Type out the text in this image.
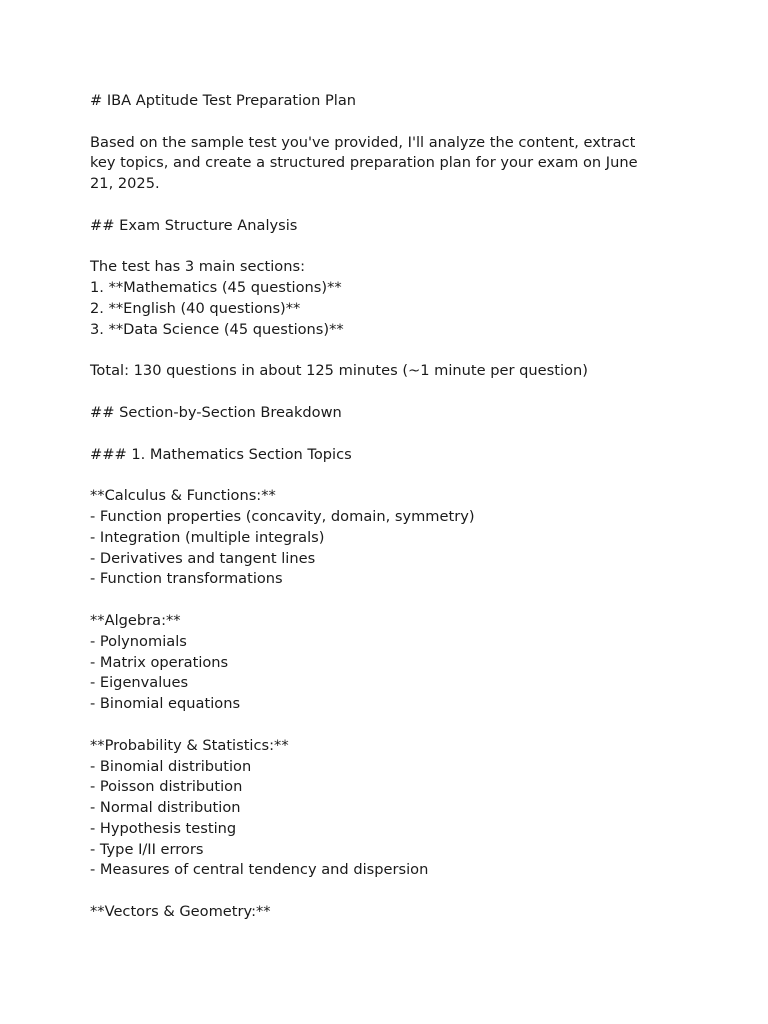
# IBA Aptitude Test Preparation Plan
Based on the sample test you've provided, I'll analyze the content, extract
key topics, and create a structured preparation plan for your exam on June
21, 2025.
## Exam Structure Analysis
The test has 3 main sections:
1. **Mathematics (45 questions)**
2. **English (40 questions)**
3. **Data Science (45 questions)**
Total: 130 questions in about 125 minutes (~1 minute per question)
## Section-by-Section Breakdown
### 1. Mathematics Section Topics
**Calculus & Functions:**
- Function properties (concavity, domain, symmetry)
- Integration (multiple integrals)
- Derivatives and tangent lines
- Function transformations
**Algebra:**
- Polynomials
- Matrix operations
- Eigenvalues
- Binomial equations
**Probability & Statistics:**
- Binomial distribution
- Poisson distribution
- Normal distribution
- Hypothesis testing
- Type I/II errors
- Measures of central tendency and dispersion
**Vectors & Geometry:**
